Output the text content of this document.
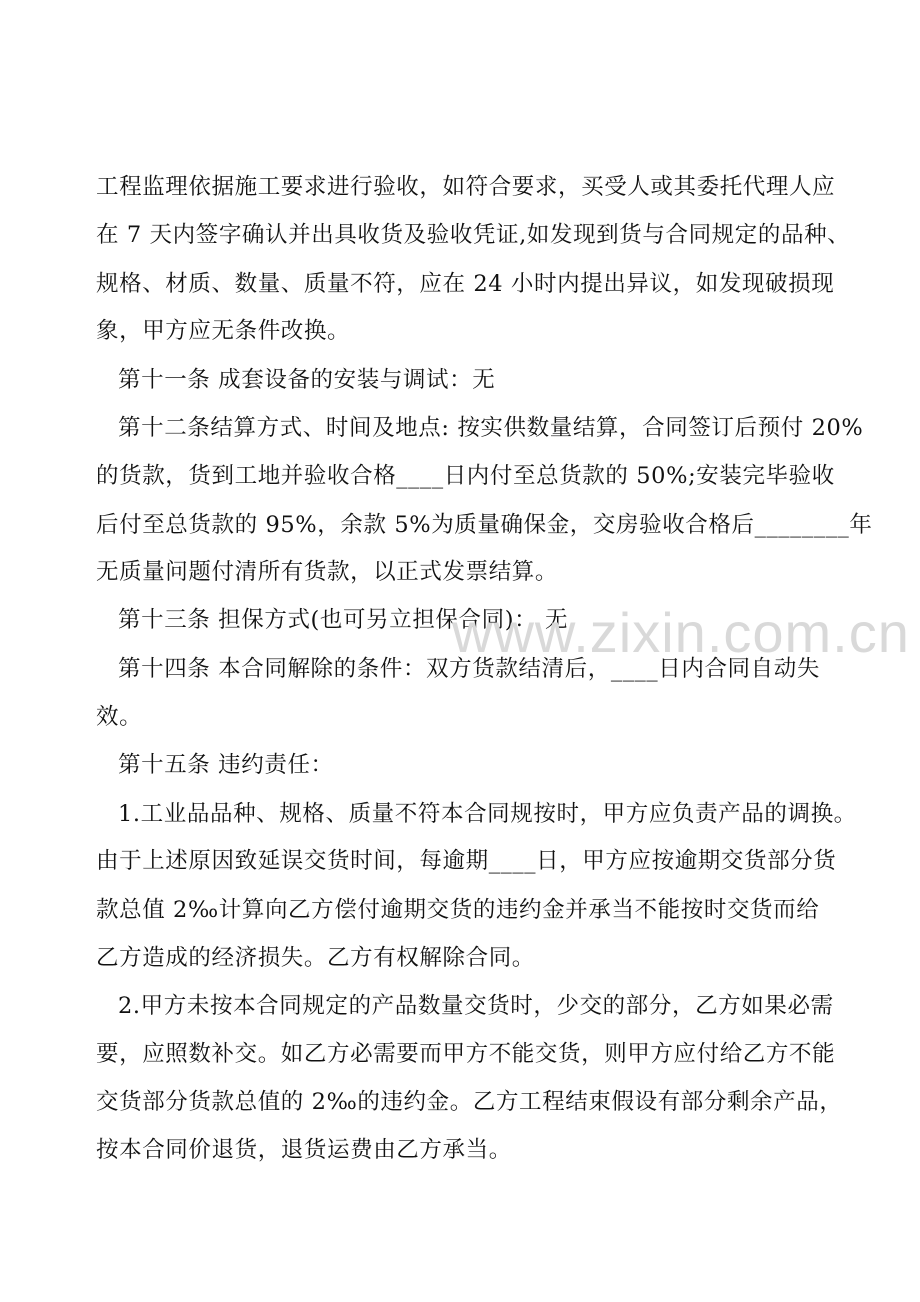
工程监理依据施工要求进行验收，如符合要求，买受人或其委托代理人应
在 7 天内签字确认并出具收货及验收凭证,如发现到货与合同规定的品种、
规格、材质、数量、质量不符，应在 24 小时内提出异议，如发现破损现
象，甲方应无条件改换。
第十一条 成套设备的安装与调试：无
第十二条结算方式、时间及地点: 按实供数量结算，合同签订后预付 20%
的货款，货到工地并验收合格____日内付至总货款的 50%;安装完毕验收
后付至总货款的 95%，余款 5%为质量确保金，交房验收合格后________年
无质量问题付清所有货款，以正式发票结算。
第十三条 担保方式(也可另立担保合同)： 无
第十四条 本合同解除的条件：双方货款结清后，____日内合同自动失
效。
第十五条 违约责任：
1.工业品品种、规格、质量不符本合同规按时，甲方应负责产品的调换。
由于上述原因致延误交货时间，每逾期____日，甲方应按逾期交货部分货
款总值 2‰计算向乙方偿付逾期交货的违约金并承当不能按时交货而给
乙方造成的经济损失。乙方有权解除合同。
2.甲方未按本合同规定的产品数量交货时，少交的部分，乙方如果必需
要，应照数补交。如乙方必需要而甲方不能交货，则甲方应付给乙方不能
交货部分货款总值的 2‰的违约金。乙方工程结束假设有部分剩余产品，
按本合同价退货，退货运费由乙方承当。
www.zixin.com.cn
